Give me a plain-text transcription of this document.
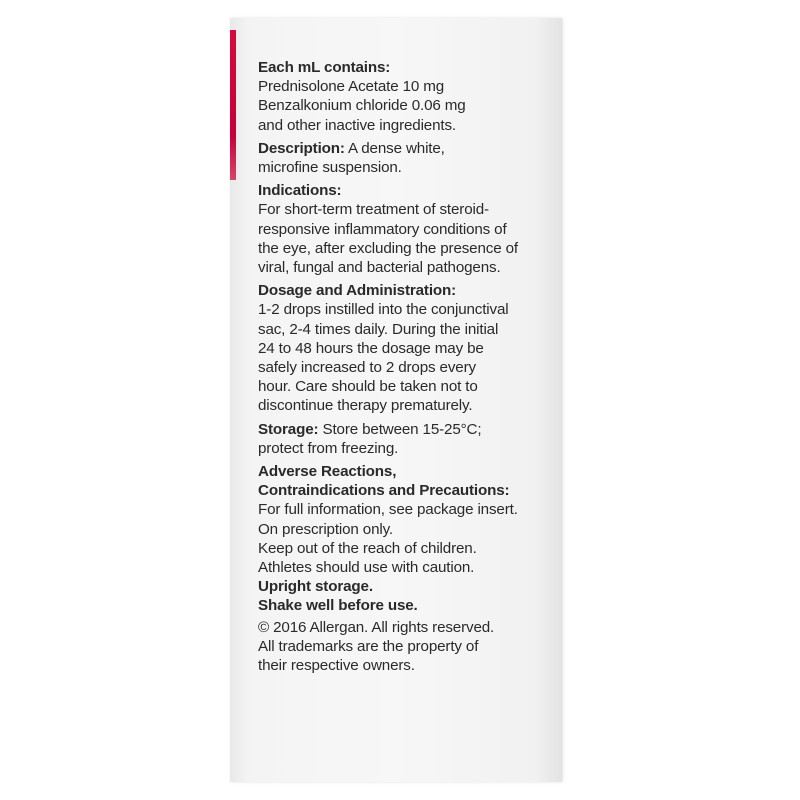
Each mL contains:
Prednisolone Acetate 10 mg
Benzalkonium chloride 0.06 mg
and other inactive ingredients.
Description: A dense white,
microfine suspension.
Indications:
For short-term treatment of steroid-
responsive inflammatory conditions of
the eye, after excluding the presence of
viral, fungal and bacterial pathogens.
Dosage and Administration:
1-2 drops instilled into the conjunctival
sac, 2-4 times daily. During the initial
24 to 48 hours the dosage may be
safely increased to 2 drops every
hour. Care should be taken not to
discontinue therapy prematurely.
Storage: Store between 15-25°C;
protect from freezing.
Adverse Reactions,
Contraindications and Precautions:
For full information, see package insert.
On prescription only.
Keep out of the reach of children.
Athletes should use with caution.
Upright storage.
Shake well before use.
© 2016 Allergan. All rights reserved.
All trademarks are the property of
their respective owners.
